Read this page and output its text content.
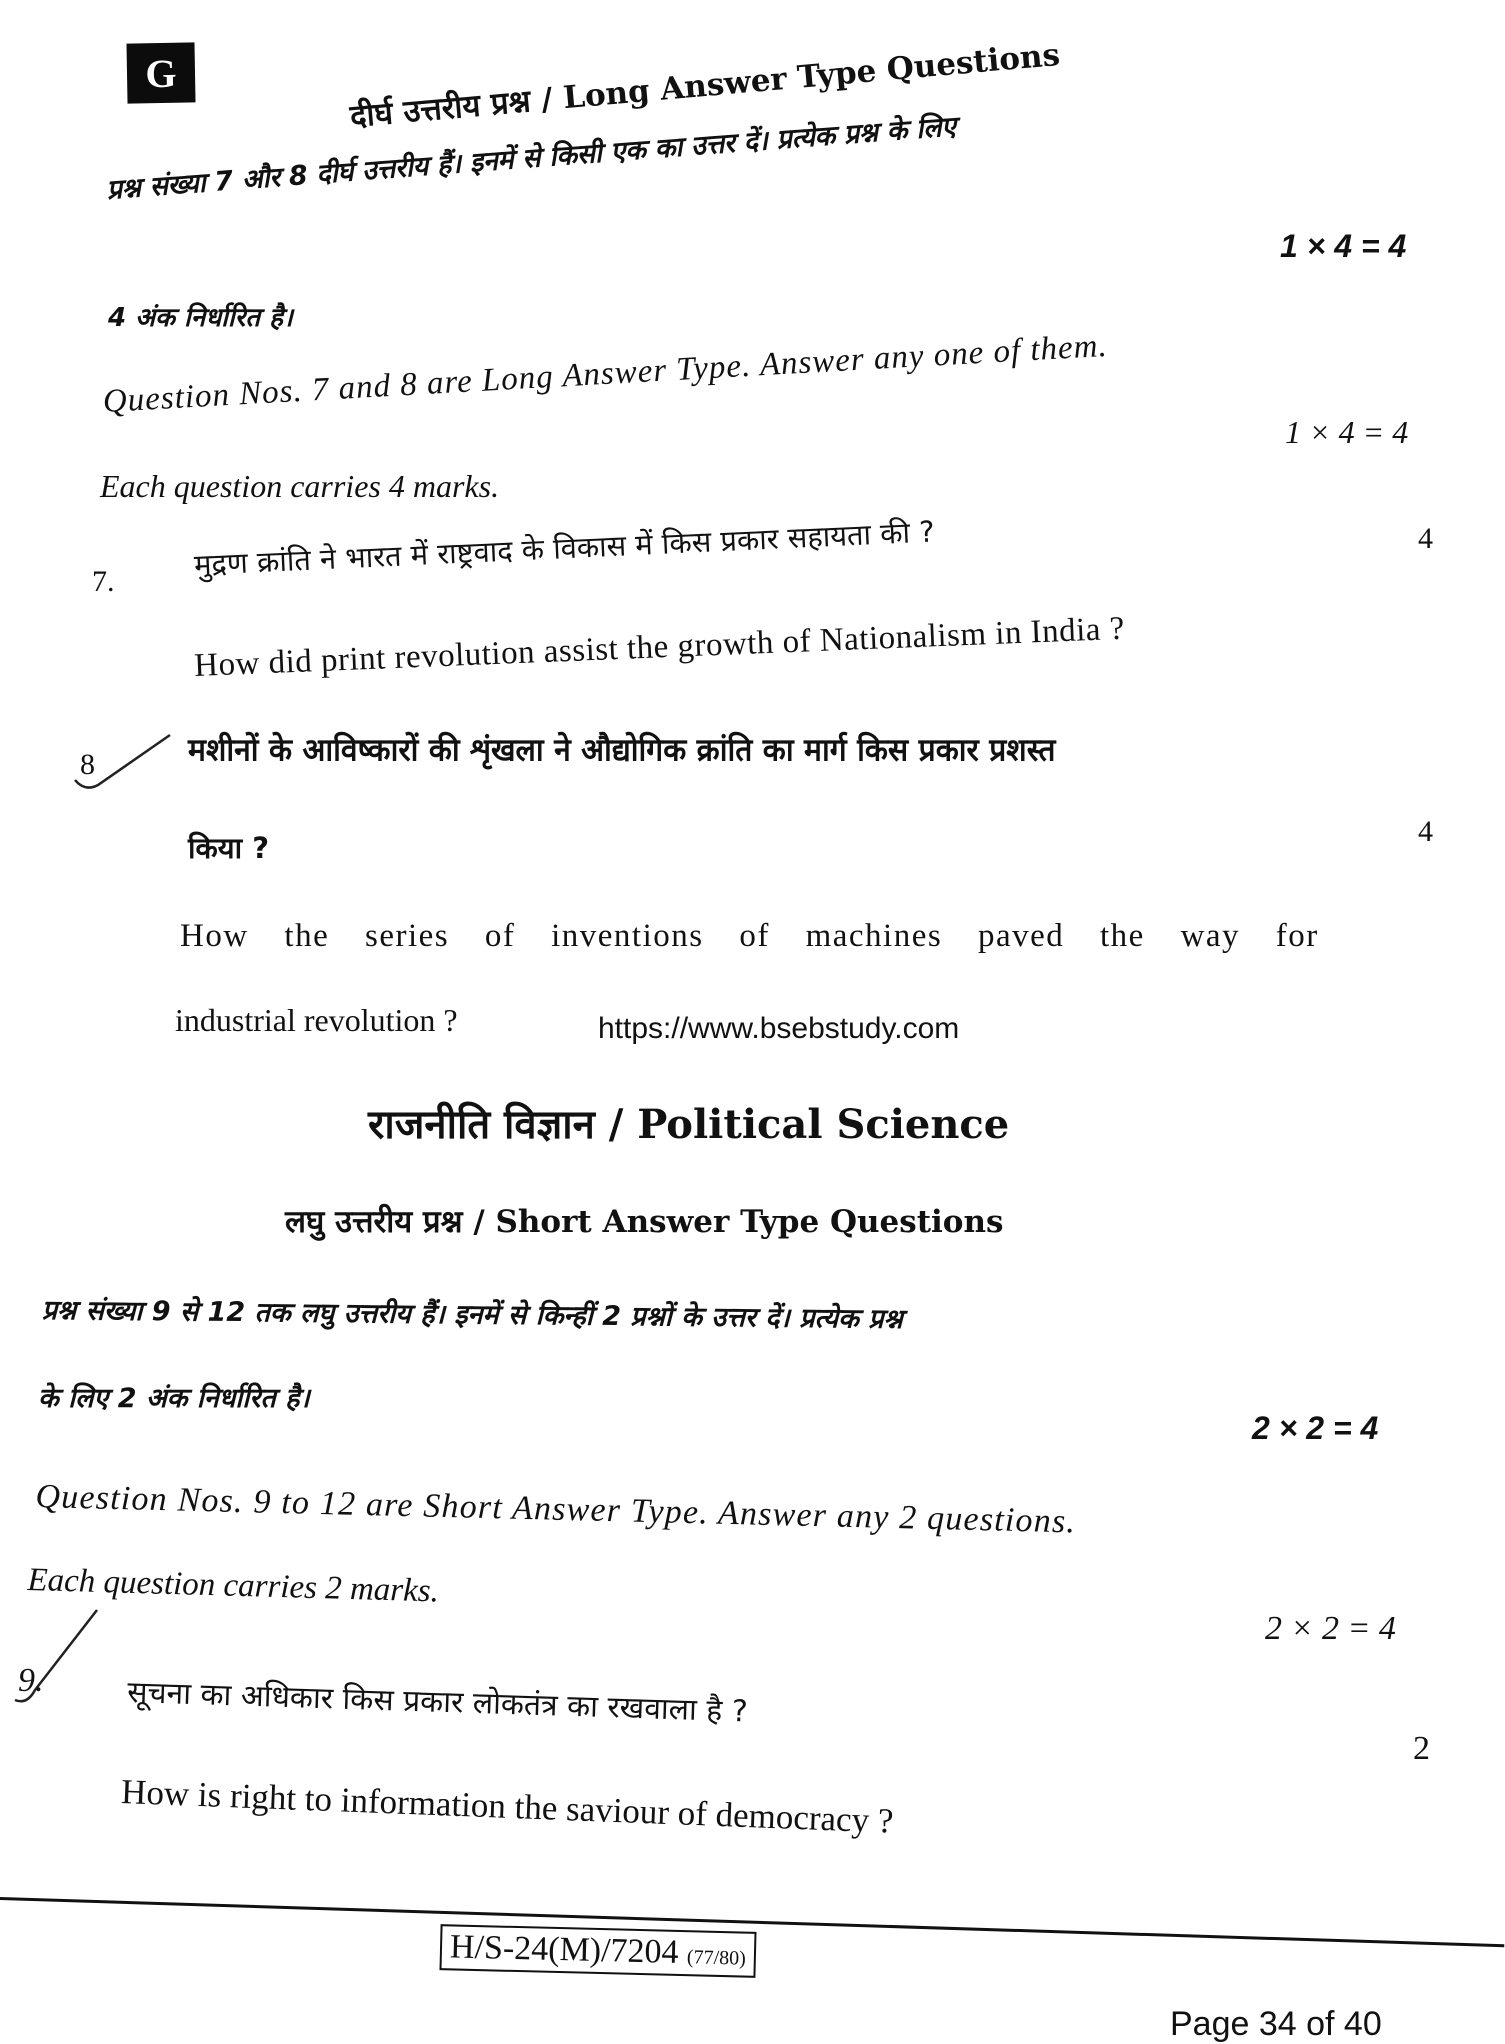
G	दीर्घ उत्तरीय प्रश्न / Long Answer Type Questions
प्रश्न संख्या 7 और 8 दीर्घ उत्तरीय हैं। इनमें से किसी एक का उत्तर दें। प्रत्येक प्रश्न के लिए
1 × 4 = 4
4 अंक निर्धारित है।
Question Nos. 7 and 8 are Long Answer Type. Answer any one of them.
1 × 4 = 4
Each question carries 4 marks.
7.	मुद्रण क्रांति ने भारत में राष्ट्रवाद के विकास में किस प्रकार सहायता की ?	4
How did print revolution assist the growth of Nationalism in India ?
8	मशीनों के आविष्कारों की शृंखला ने औद्योगिक क्रांति का मार्ग किस प्रकार प्रशस्त
किया ?	4
How the series of inventions of machines paved the way for
industrial revolution ?	https://www.bsebstudy.com
राजनीति विज्ञान / Political Science
लघु उत्तरीय प्रश्न / Short Answer Type Questions
प्रश्न संख्या 9 से 12 तक लघु उत्तरीय हैं। इनमें से किन्हीं 2 प्रश्नों के उत्तर दें। प्रत्येक प्रश्न
के लिए 2 अंक निर्धारित है।
2 × 2 = 4
Question Nos. 9 to 12 are Short Answer Type. Answer any 2 questions.
Each question carries 2 marks.
2 × 2 = 4
9.	सूचना का अधिकार किस प्रकार लोकतंत्र का रखवाला है ?
2
How is right to information the saviour of democracy ?
H/S-24(M)/7204 (77/80)
Page 34 of 40
